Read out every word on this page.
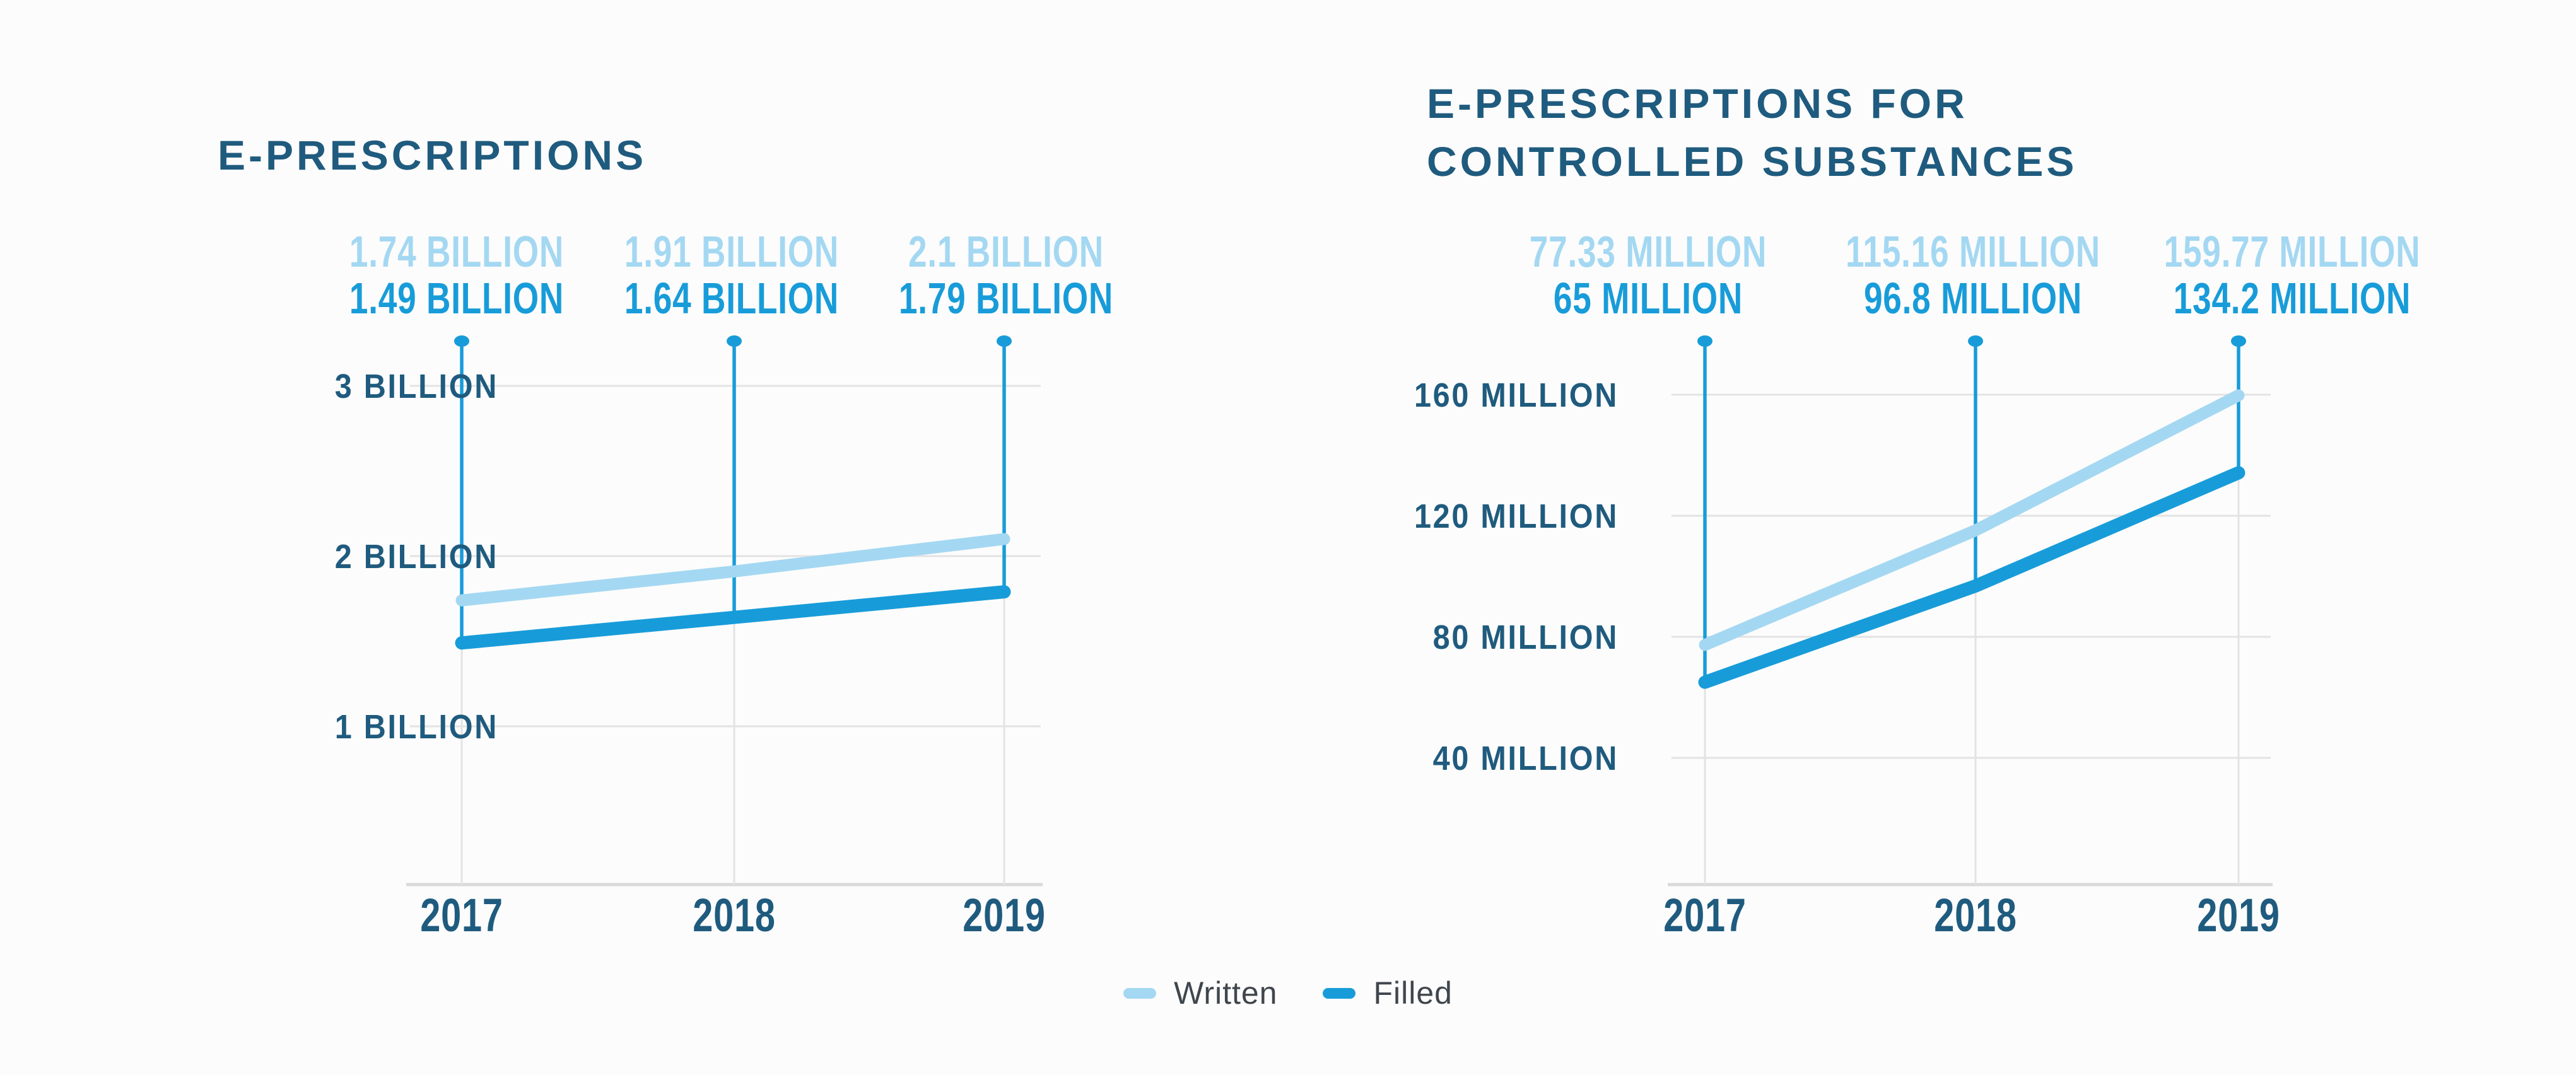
E-PRESCRIPTIONS
E-PRESCRIPTIONS FOR
CONTROLLED SUBSTANCES
Written	Filled
3 BILLION
2 BILLION
1 BILLION
1.74 BILLION
1.49 BILLION
1.91 BILLION
1.64 BILLION
2.1 BILLION
1.79 BILLION
2017	2018	2019
160 MILLION
120 MILLION
80 MILLION
40 MILLION
77.33 MILLION
65 MILLION
115.16 MILLION
96.8 MILLION
159.77 MILLION
134.2 MILLION
2017	2018	2019
